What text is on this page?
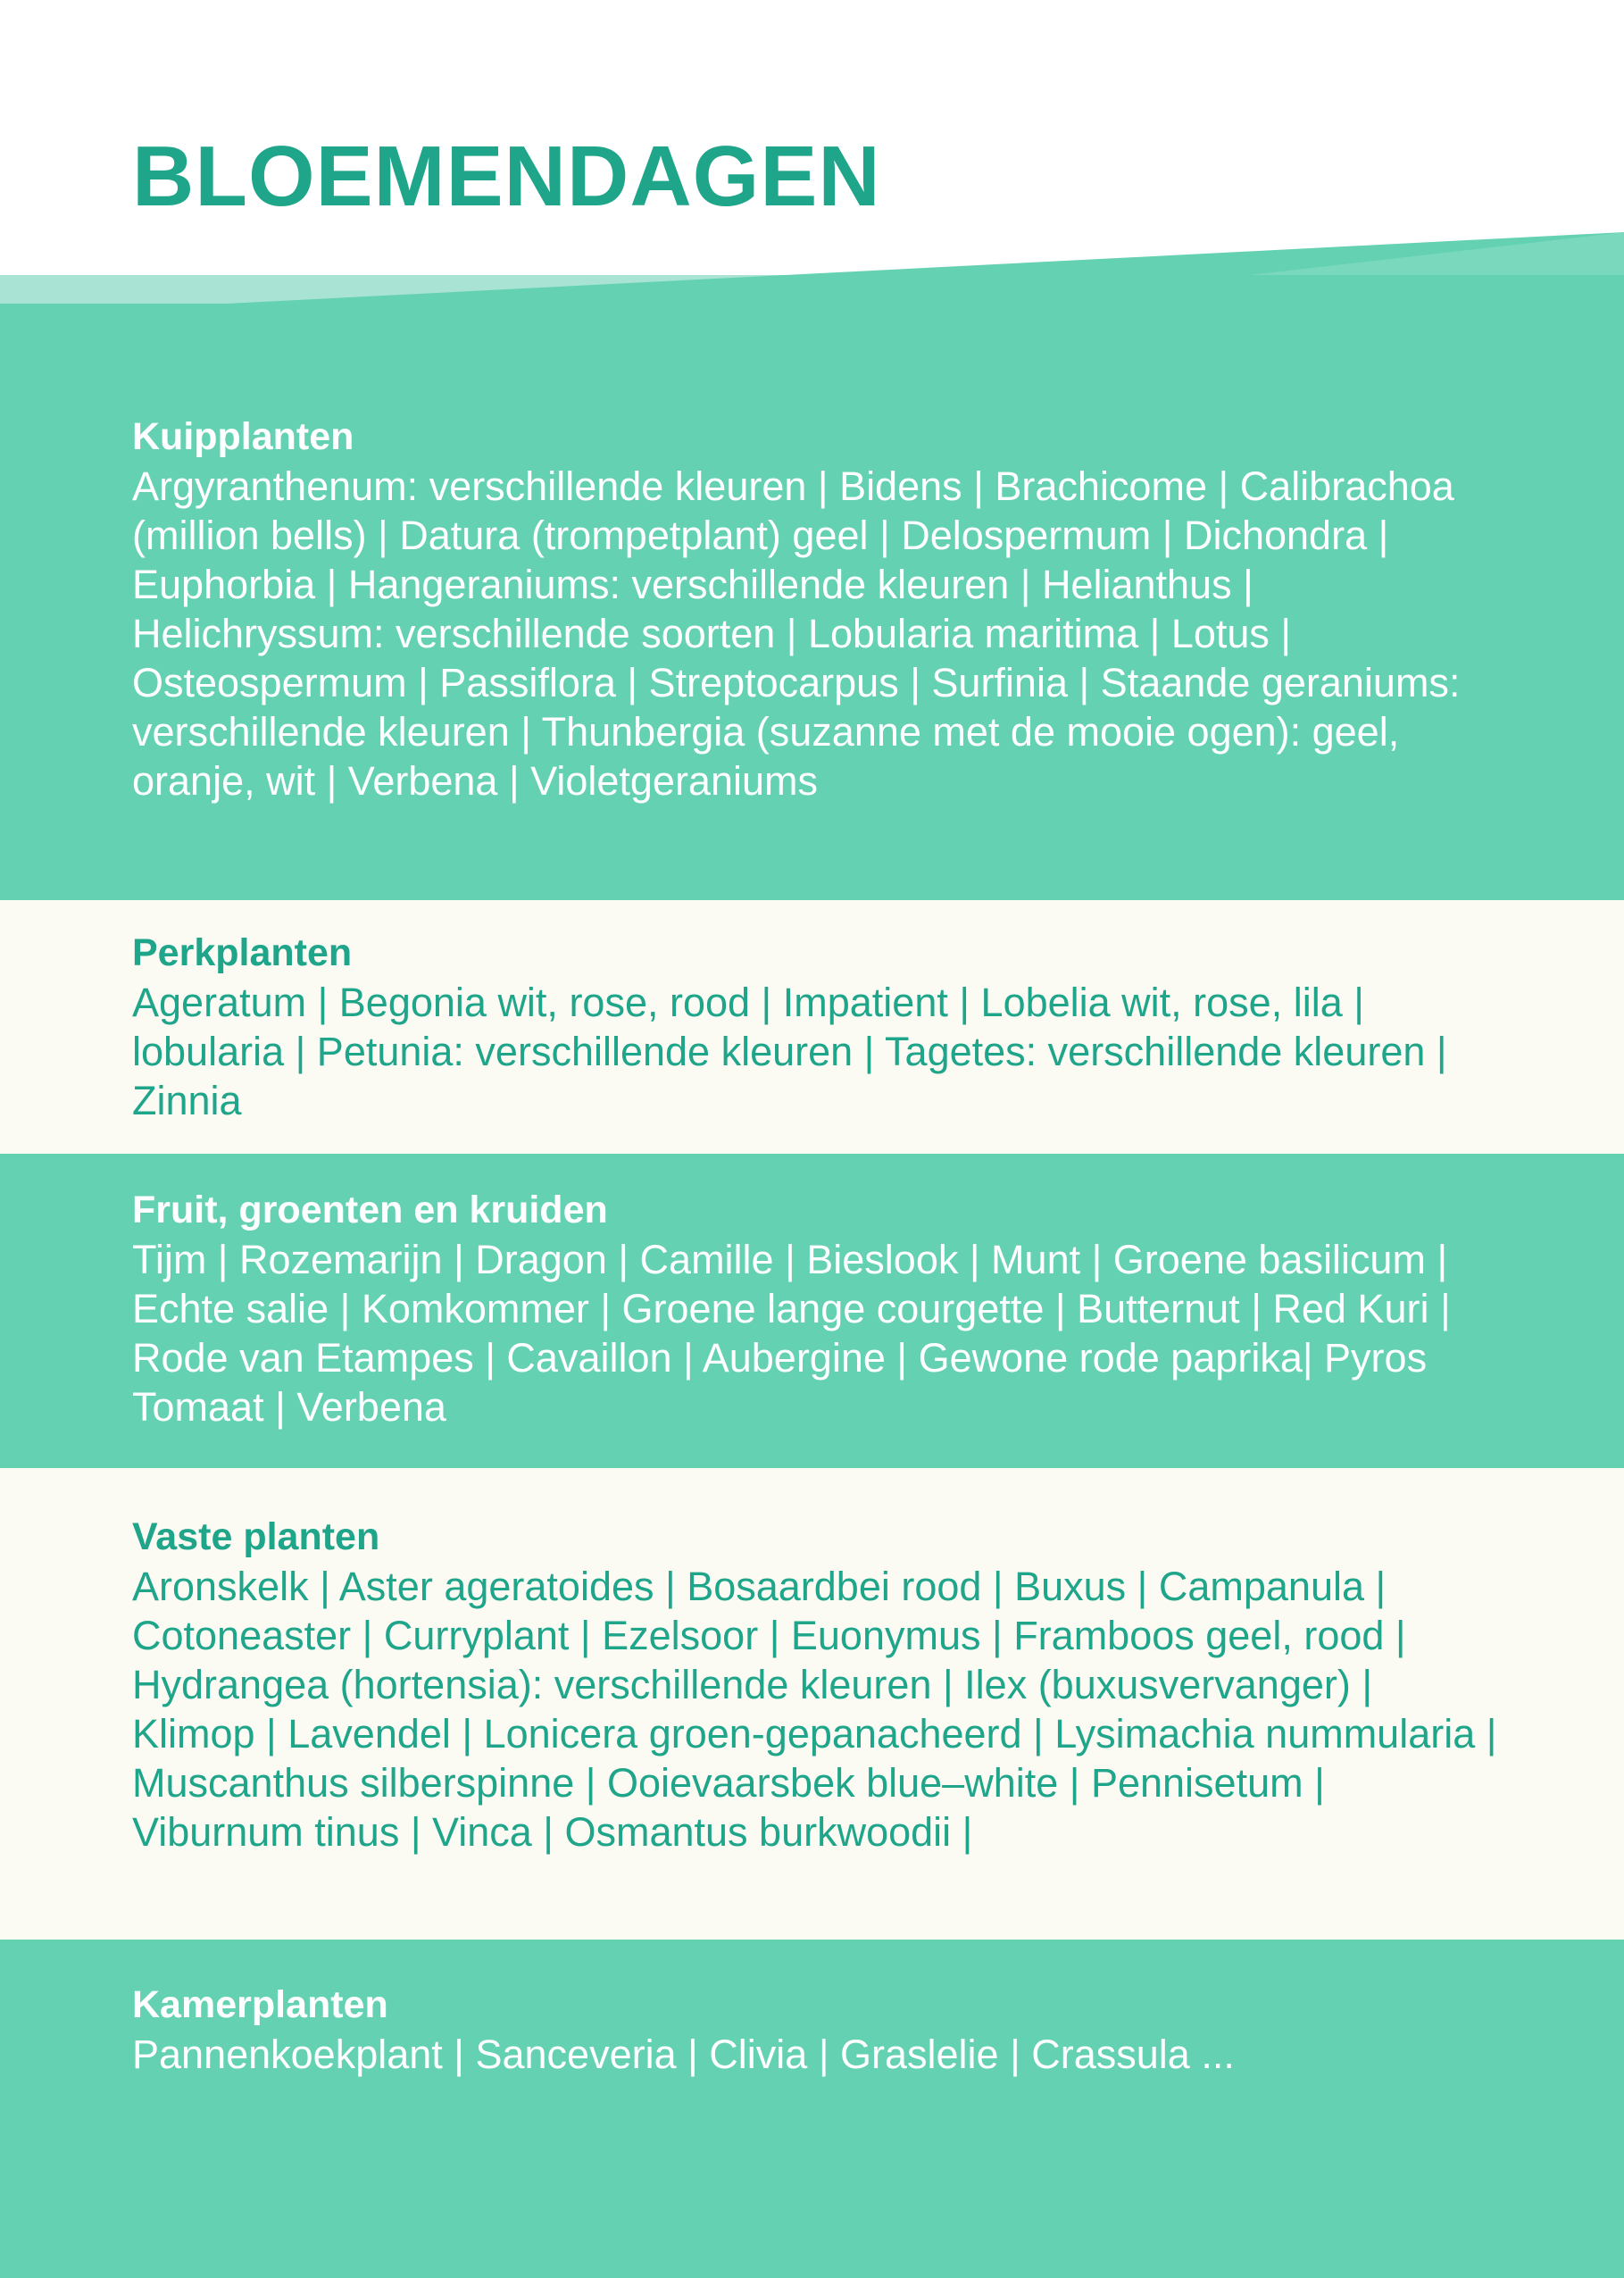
BLOEMENDAGEN
Kuipplanten

Argyranthenum: verschillende kleuren | Bidens | Brachicome | Calibrachoa (million bells) | Datura (trompetplant) geel | Delospermum | Dichondra | Euphorbia | Hangeraniums: verschillende kleuren | Helianthus | Helichryssum: verschillende soorten | Lobularia maritima | Lotus | Osteospermum | Passiflora | Streptocarpus | Surfinia | Staande geraniums: verschillende kleuren | Thunbergia (suzanne met de mooie ogen): geel, oranje, wit | Verbena | Violetgeraniums

Perkplanten

Ageratum | Begonia wit, rose, rood | Impatient | Lobelia wit, rose, lila | lobularia | Petunia: verschillende kleuren | Tagetes: verschillende kleuren | Zinnia

Fruit, groenten en kruiden

Tijm | Rozemarijn | Dragon | Camille | Bieslook | Munt | Groene basilicum | Echte salie | Komkommer | Groene lange courgette | Butternut | Red Kuri | Rode van Etampes | Cavaillon | Aubergine | Gewone rode paprika| Pyros Tomaat | Verbena

Vaste planten

Aronskelk | Aster ageratoides | Bosaardbei rood | Buxus | Campanula | Cotoneaster | Curryplant | Ezelsoor | Euonymus | Framboos geel, rood | Hydrangea (hortensia): verschillende kleuren | Ilex (buxusvervanger) | Klimop | Lavendel | Lonicera groen-gepanacheerd | Lysimachia nummularia | Muscanthus silberspinne | Ooievaarsbek blue–white | Pennisetum | Viburnum tinus | Vinca | Osmantus burkwoodii |

Kamerplanten

Pannenkoekplant | Sanceveria | Clivia | Graslelie | Crassula ...
